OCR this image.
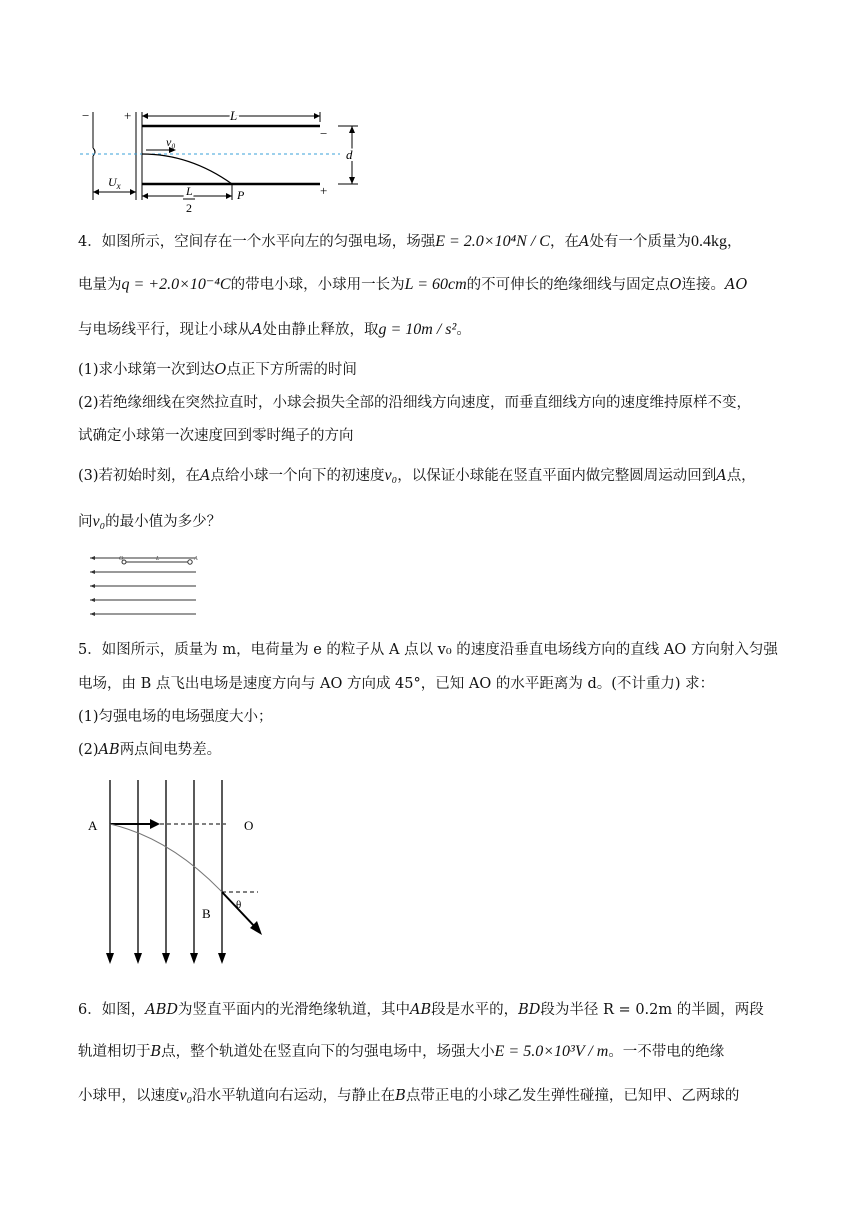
−	+	L
−
+
v₀
d
$U_x$	L
2
P
4．如图所示，空间存在一个水平向左的匀强电场，场强E = 2.0×10⁴N / C，在A处有一个质量为0.4kg，
电量为q = +2.0×10⁻⁴C的带电小球，小球用一长为L = 60cm的不可伸长的绝缘细线与固定点O连接。AO
与电场线平行，现让小球从A处由静止释放，取g = 10m / s²。
(1)求小球第一次到达O点正下方所需的时间
(2)若绝缘细线在突然拉直时，小球会损失全部的沿细线方向速度，而垂直细线方向的速度维持原样不变，
试确定小球第一次速度回到零时绳子的方向
(3)若初始时刻，在A点给小球一个向下的初速度v₀，以保证小球能在竖直平面内做完整圆周运动回到A点，
问v₀的最小值为多少？
O	L	A
5．如图所示，质量为 m，电荷量为 e 的粒子从 A 点以 v₀ 的速度沿垂直电场线方向的直线 AO 方向射入匀强
电场，由 B 点飞出电场是速度方向与 AO 方向成 45°，已知 AO 的水平距离为 d。(不计重力) 求：
(1)匀强电场的电场强度大小；
(2)AB两点间电势差。
A	O
B
θ
6．如图，ABD为竖直平面内的光滑绝缘轨道，其中AB段是水平的，BD段为半径 R = 0.2m 的半圆，两段
轨道相切于B点，整个轨道处在竖直向下的匀强电场中，场强大小E = 5.0×10³V / m。一不带电的绝缘
小球甲，以速度v₀沿水平轨道向右运动，与静止在B点带正电的小球乙发生弹性碰撞，已知甲、乙两球的
